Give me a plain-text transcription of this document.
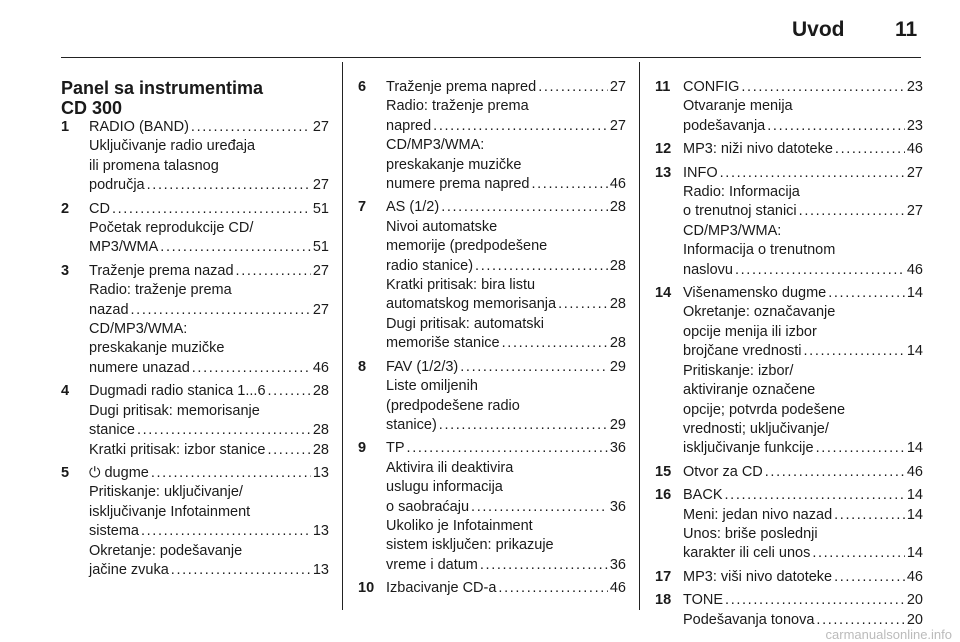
Uvod 11
Panel sa instrumentima
CD 300
1	RADIO (BAND) . . .	27
Uključivanje radio uređaja
ili promena talasnog
područja . . .	27
2	CD . . .	51
Početak reprodukcije CD/
MP3/WMA . . .	51
3	Traženje prema nazad . . .	27
Radio: traženje prema
nazad . . .	27
CD/MP3/WMA:
preskakanje muzičke
numere unazad . . .	46
4	Dugmadi radio stanica 1...6 . . .	28
Dugi pritisak: memorisanje
stanice . . .	28
Kratki pritisak: izbor stanice . . .	28
5	⏻ dugme . . .	13
Pritiskanje: uključivanje/
isključivanje Infotainment
sistema . . .	13
Okretanje: podešavanje
jačine zvuka . . .	13
6	Traženje prema napred . . .	27
Radio: traženje prema
napred . . .	27
CD/MP3/WMA:
preskakanje muzičke
numere prema napred . . .	46
7	AS (1/2) . . .	28
Nivoi automatske
memorije (predpodešene
radio stanice) . . .	28
Kratki pritisak: bira listu
automatskog memorisanja . . .	28
Dugi pritisak: automatski
memoriše stanice . . .	28
8	FAV (1/2/3) . . .	29
Liste omiljenih
(predpodešene radio
stanice) . . .	29
9	TP . . .	36
Aktivira ili deaktivira
uslugu informacija
o saobraćaju . . .	36
Ukoliko je Infotainment
sistem isključen: prikazuje
vreme i datum . . .	36
10 Izbacivanje CD-a . . .	46
11 CONFIG . . .	23
Otvaranje menija
podešavanja . . .	23
12 MP3: niži nivo datoteke . . .	46
13 INFO . . .	27
Radio: Informacija
o trenutnoj stanici . . .	27
CD/MP3/WMA:
Informacija o trenutnom
naslovu . . .	46
14 Višenamensko dugme . . .	14
Okretanje: označavanje
opcije menija ili izbor
brojčane vrednosti . . .	14
Pritiskanje: izbor/
aktiviranje označene
opcije; potvrda podešene
vrednosti; uključivanje/
isključivanje funkcije . . .	14
15 Otvor za CD . . .	46
16 BACK . . .	14
Meni: jedan nivo nazad . . .	14
Unos: briše poslednji
karakter ili celi unos . . .	14
17 MP3: viši nivo datoteke . . .	46
18 TONE . . .	20
Podešavanja tonova . . .	20
carmanualsonline.info
